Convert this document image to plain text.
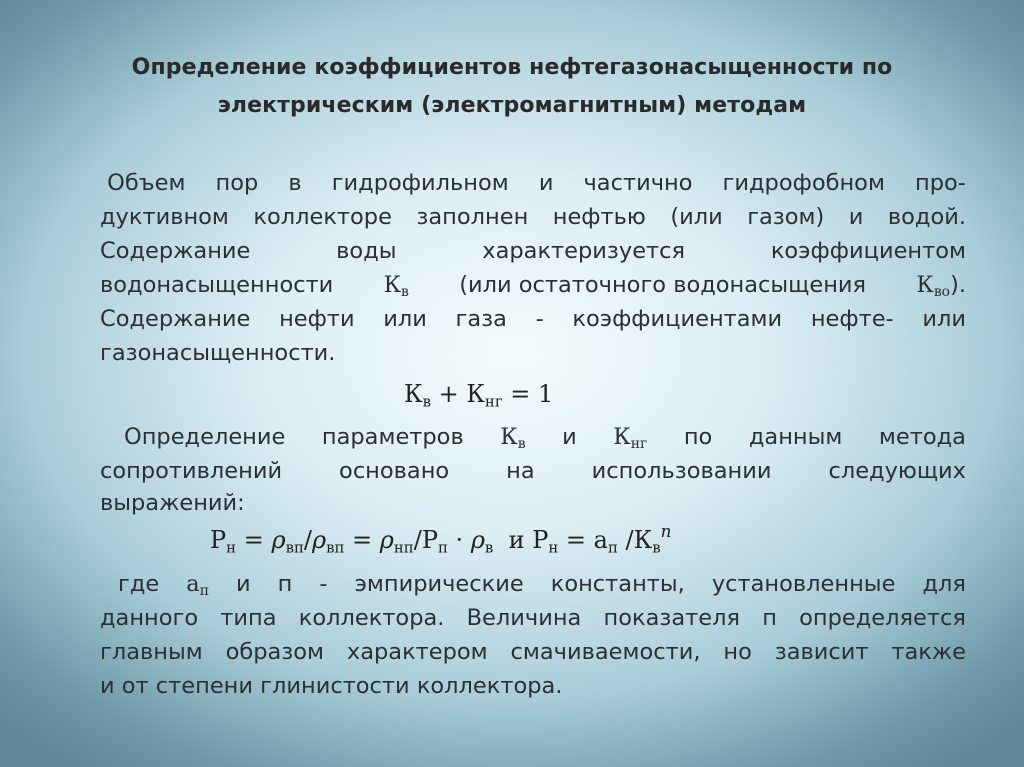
Определение коэффициентов нефтегазонасыщенности по
электрическим (электромагнитным) методам
Объем пор в гидрофильном и частично гидрофобном про-
дуктивном коллекторе заполнен нефтью (или газом) и водой.
Содержание	воды	характеризуется	коэффициентом
водонасыщенности $К_в$ (или остаточного водонасыщения $К_{во}$).
Содержание нефти или газа - коэффициентами нефте- или
газонасыщенности.
$К_в + К_{нг} = 1$
Определение параметров $К_в$ и $К_{нг}$ по данным метода
сопротивлений	основано	на	использовании	следующих
выражений:
$Р_н = \rho_{вп}/\rho_{вп} = \rho_{нп}/Р_п \cdot \rho_в$ и $Р_н = а_п$ $/К_в^n$
где $а_п$ и п - эмпирические константы, установленные для
данного типа коллектора. Величина показателя п определяется
главным образом характером смачиваемости, но зависит также
и от степени глинистости коллектора.
